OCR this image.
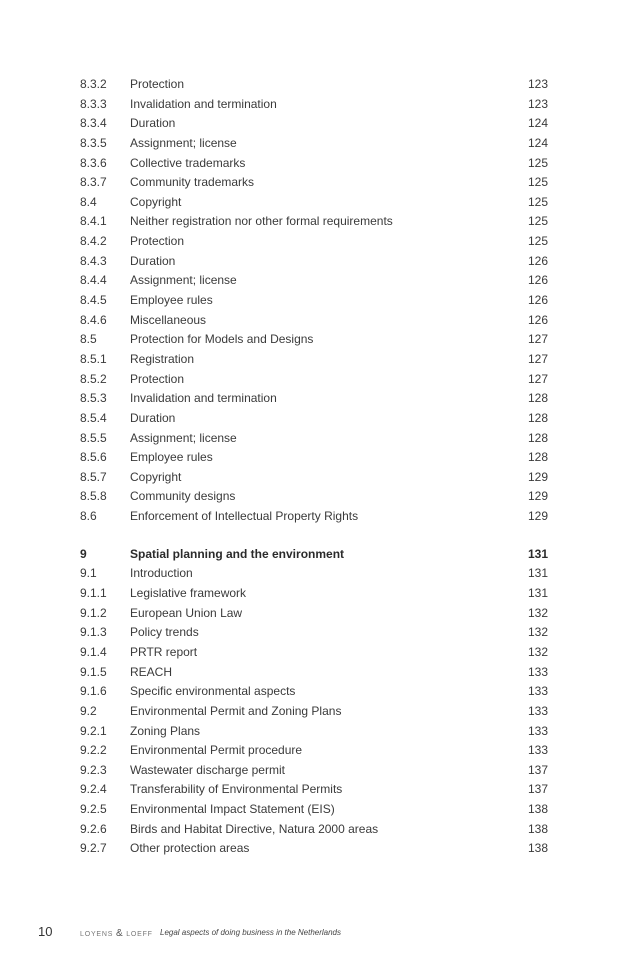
8.3.2 Protection	123
8.3.3 Invalidation and termination	123
8.3.4 Duration	124
8.3.5 Assignment; license	124
8.3.6 Collective trademarks	125
8.3.7 Community trademarks	125
8.4	Copyright	125
8.4.1 Neither registration nor other formal requirements	125
8.4.2 Protection	125
8.4.3 Duration	126
8.4.4 Assignment; license	126
8.4.5 Employee rules	126
8.4.6 Miscellaneous	126
8.5	Protection for Models and Designs	127
8.5.1 Registration	127
8.5.2 Protection	127
8.5.3 Invalidation and termination	128
8.5.4 Duration	128
8.5.5 Assignment; license	128
8.5.6 Employee rules	128
8.5.7 Copyright	129
8.5.8 Community designs	129
8.6	Enforcement of Intellectual Property Rights	129
9	Spatial planning and the environment	131
9.1	Introduction	131
9.1.1 Legislative framework	131
9.1.2 European Union Law	132
9.1.3 Policy trends	132
9.1.4 PRTR report	132
9.1.5 REACH	133
9.1.6 Specific environmental aspects	133
9.2	Environmental Permit and Zoning Plans	133
9.2.1 Zoning Plans	133
9.2.2 Environmental Permit procedure	133
9.2.3 Wastewater discharge permit	137
9.2.4 Transferability of Environmental Permits	137
9.2.5 Environmental Impact Statement (EIS)	138
9.2.6 Birds and Habitat Directive, Natura 2000 areas	138
9.2.7 Other protection areas	138
10	LOYENS & LOEFF Legal aspects of doing business in the Netherlands
